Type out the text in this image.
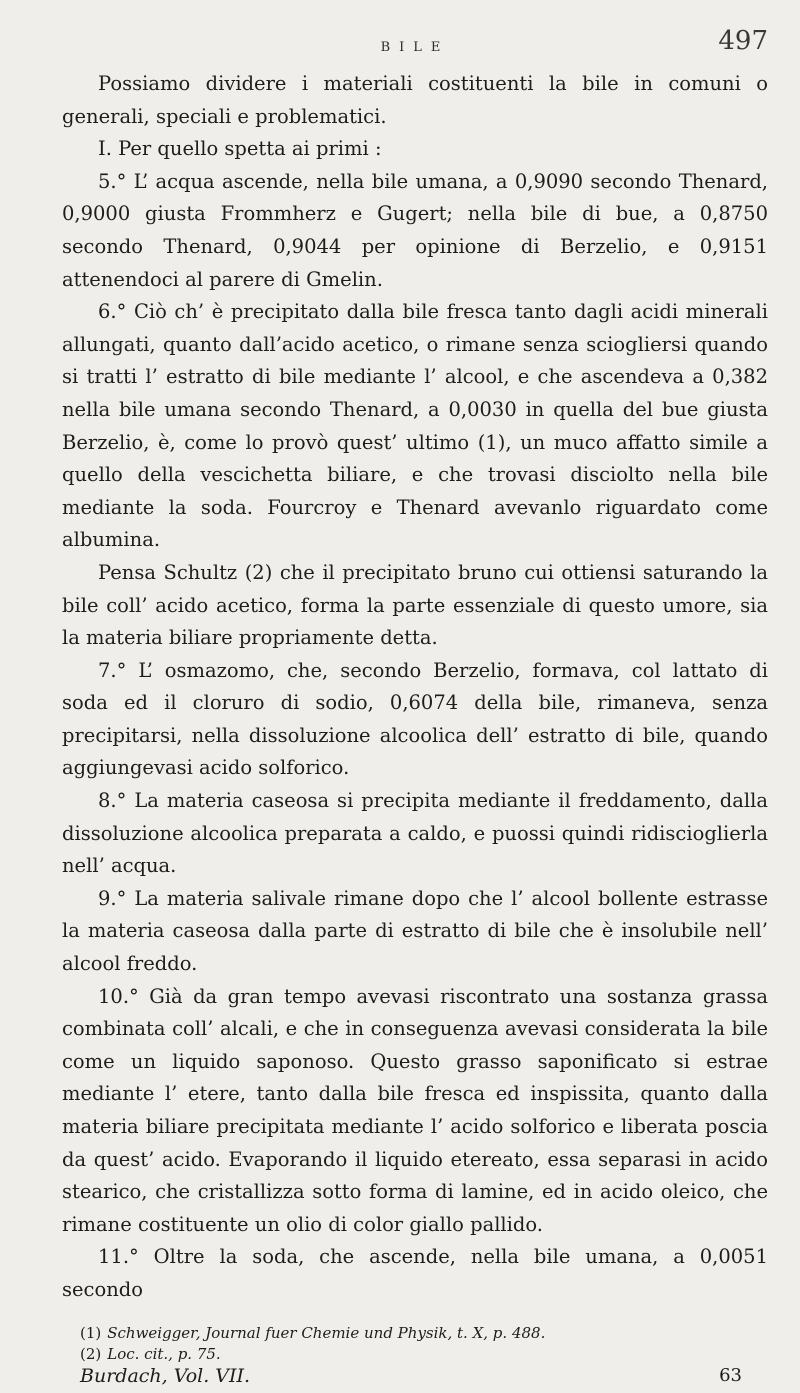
BILE	497

Possiamo dividere i materiali costituenti la bile in comuni o generali, speciali e problematici.

I. Per quello spetta ai primi :

5.° L’ acqua ascende, nella bile umana, a 0,9090 secondo Thenard, 0,9000 giusta Frommherz e Gugert; nella bile di bue, a 0,8750 secondo Thenard, 0,9044 per opinione di Berzelio, e 0,9151 attenendoci al parere di Gmelin.

6.° Ciò ch’ è precipitato dalla bile fresca tanto dagli acidi minerali allungati, quanto dall’acido acetico, o rimane senza sciogliersi quando si tratti l’ estratto di bile mediante l’ alcool, e che ascendeva a 0,382 nella bile umana secondo Thenard, a 0,0030 in quella del bue giusta Berzelio, è, come lo provò quest’ ultimo (1), un muco affatto simile a quello della vescichetta biliare, e che trovasi disciolto nella bile mediante la soda. Fourcroy e Thenard avevanlo riguardato come albumina.

Pensa Schultz (2) che il precipitato bruno cui ottiensi saturando la bile coll’ acido acetico, forma la parte essenziale di questo umore, sia la materia biliare propriamente detta.

7.° L’ osmazomo, che, secondo Berzelio, formava, col lattato di soda ed il cloruro di sodio, 0,6074 della bile, rimaneva, senza precipitarsi, nella dissoluzione alcoolica dell’ estratto di bile, quando aggiungevasi acido solforico.

8.° La materia caseosa si precipita mediante il freddamento, dalla dissoluzione alcoolica preparata a caldo, e puossi quindi ridiscioglierla nell’ acqua.

9.° La materia salivale rimane dopo che l’ alcool bollente estrasse la materia caseosa dalla parte di estratto di bile che è insolubile nell’ alcool freddo.

10.° Già da gran tempo avevasi riscontrato una sostanza grassa combinata coll’ alcali, e che in conseguenza avevasi considerata la bile come un liquido saponoso. Questo grasso saponificato si estrae mediante l’ etere, tanto dalla bile fresca ed inspissita, quanto dalla materia biliare precipitata mediante l’ acido solforico e liberata poscia da quest’ acido. Evaporando il liquido etereato, essa separasi in acido stearico, che cristallizza sotto forma di lamine, ed in acido oleico, che rimane costituente un olio di color giallo pallido.

11.° Oltre la soda, che ascende, nella bile umana, a 0,0051 secondo

(1) Schweigger, Journal fuer Chemie und Physik, t. X, p. 488.
(2) Loc. cit., p. 75.
Burdach, Vol. VII.	63
